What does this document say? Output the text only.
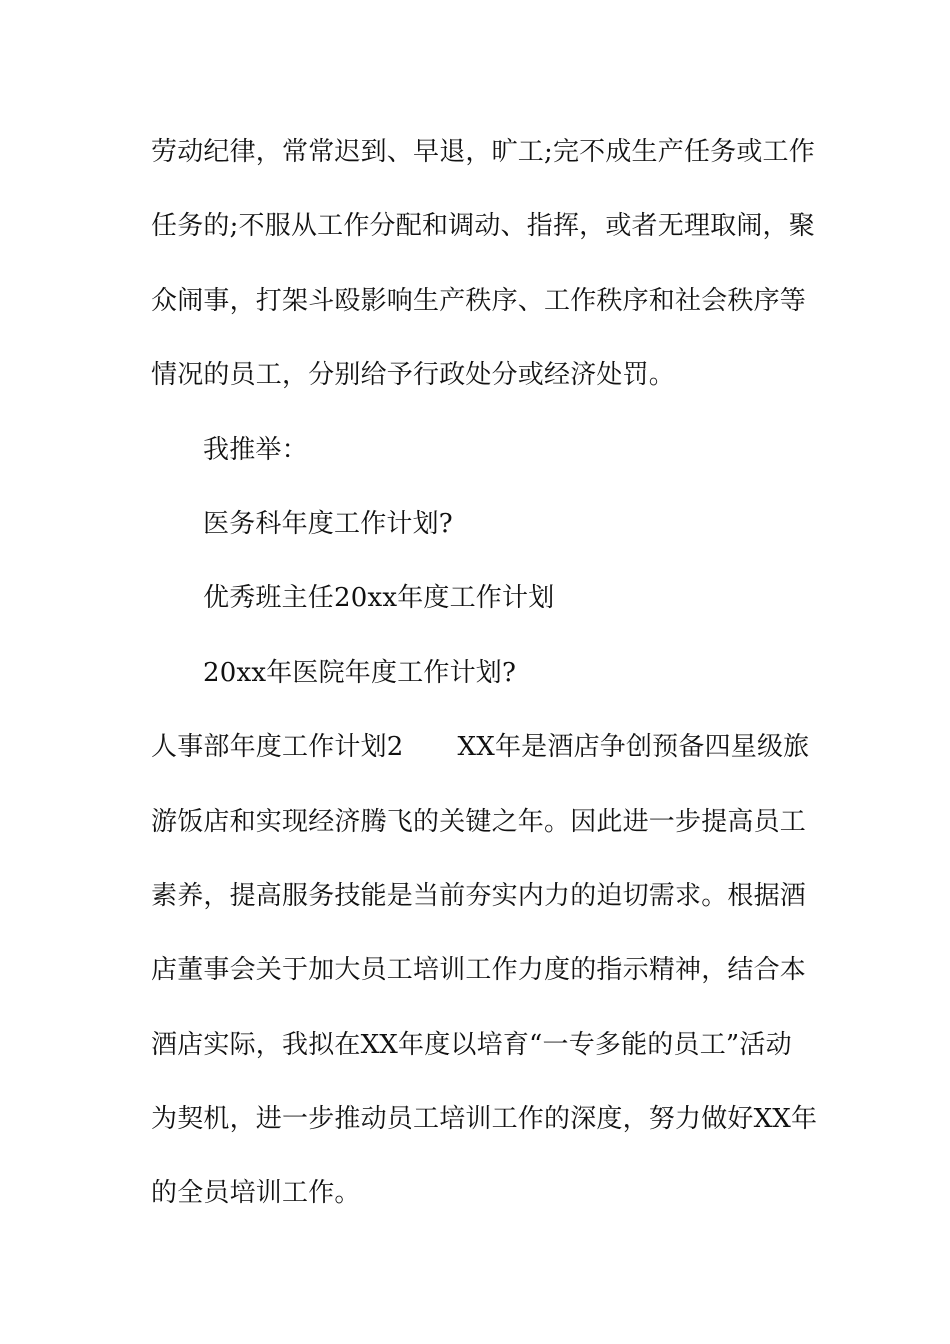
劳动纪律，常常迟到、早退，旷工;完不成生产任务或工作
任务的;不服从工作分配和调动、指挥，或者无理取闹，聚
众闹事，打架斗殴影响生产秩序、工作秩序和社会秩序等
情况的员工，分别给予行政处分或经济处罚。
我推举：
医务科年度工作计划?
优秀班主任20xx年度工作计划
20xx年医院年度工作计划?
人事部年度工作计划2 XX年是酒店争创预备四星级旅
游饭店和实现经济腾飞的关键之年。因此进一步提高员工
素养，提高服务技能是当前夯实内力的迫切需求。根据酒
店董事会关于加大员工培训工作力度的指示精神，结合本
酒店实际，我拟在XX年度以培育“一专多能的员工”活动
为契机，进一步推动员工培训工作的深度，努力做好XX年
的全员培训工作。
